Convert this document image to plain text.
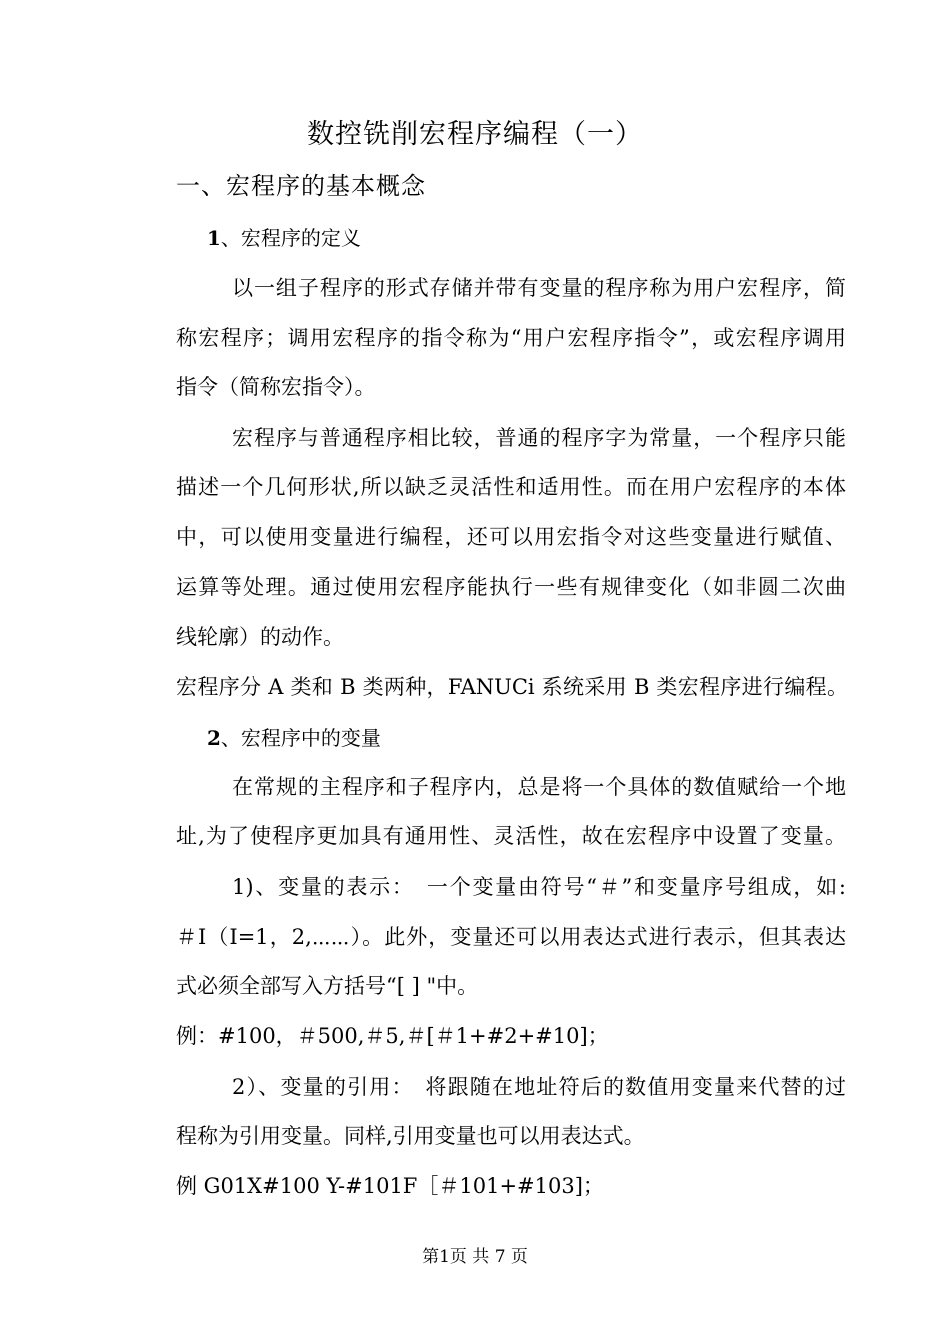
数控铣削宏程序编程（一）
一、宏程序的基本概念
1、宏程序的定义
以一组子程序的形式存储并带有变量的程序称为用户宏程序，简
称宏程序；调用宏程序的指令称为“用户宏程序指令”，或宏程序调用
指令（简称宏指令）。
宏程序与普通程序相比较，普通的程序字为常量，一个程序只能
描述一个几何形状,所以缺乏灵活性和适用性。而在用户宏程序的本体
中，可以使用变量进行编程，还可以用宏指令对这些变量进行赋值、
运算等处理。通过使用宏程序能执行一些有规律变化（如非圆二次曲
线轮廓）的动作。
宏程序分 A 类和 B 类两种，FANUCi 系统采用 B 类宏程序进行编程。
2、宏程序中的变量
在常规的主程序和子程序内，总是将一个具体的数值赋给一个地
址,为了使程序更加具有通用性、灵活性，故在宏程序中设置了变量。
1)、变量的表示：　一个变量由符号“＃”和变量序号组成，如:
＃I（I=1，2,⋯⋯）。此外，变量还可以用表达式进行表示，但其表达
式必须全部写入方括号“[ ] "中。
例：#100，＃500,＃5,＃[＃1+#2+#10]；
2）、变量的引用：　将跟随在地址符后的数值用变量来代替的过
程称为引用变量。同样,引用变量也可以用表达式。
例 G01X#100 Y-#101F［＃101+#103]；
第1页 共 7 页
